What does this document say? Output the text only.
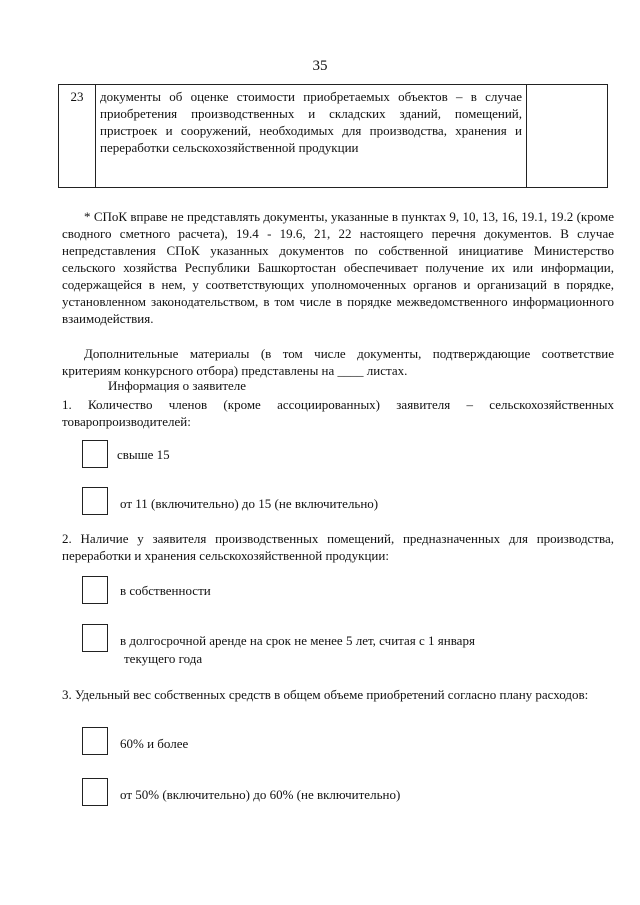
35
23	документы об оценке стоимости приобретаемых объектов – в случае приобретения производственных и складских зданий, помещений, пристроек и сооружений, необходимых для производства, хранения и переработки сельскохозяйственной продукции	
* СПоК вправе не представлять документы, указанные в пунктах 9, 10, 13, 16, 19.1, 19.2 (кроме сводного сметного расчета), 19.4 - 19.6, 21, 22 настоящего перечня документов. В случае непредставления СПоК указанных документов по собственной инициативе Министерство сельского хозяйства Республики Башкортостан обеспечивает получение их или информации, содержащейся в нем, у соответствующих уполномоченных органов и организаций в порядке, установленном законодательством, в том числе в порядке межведомственного информационного взаимодействия.
Дополнительные материалы (в том числе документы, подтверждающие соответствие критериям конкурсного отбора) представлены на ____ листах.
Информация о заявителе
1. Количество членов (кроме ассоциированных) заявителя – сельскохозяйственных товаропроизводителей:
свыше 15
от 11 (включительно) до 15 (не включительно)
2. Наличие у заявителя производственных помещений, предназначенных для производства, переработки и хранения сельскохозяйственной продукции:
в собственности
в долгосрочной аренде на срок не менее 5 лет, считая с 1 января
текущего года
3. Удельный вес собственных средств в общем объеме приобретений согласно плану расходов:
60% и более
от 50% (включительно) до 60% (не включительно)
